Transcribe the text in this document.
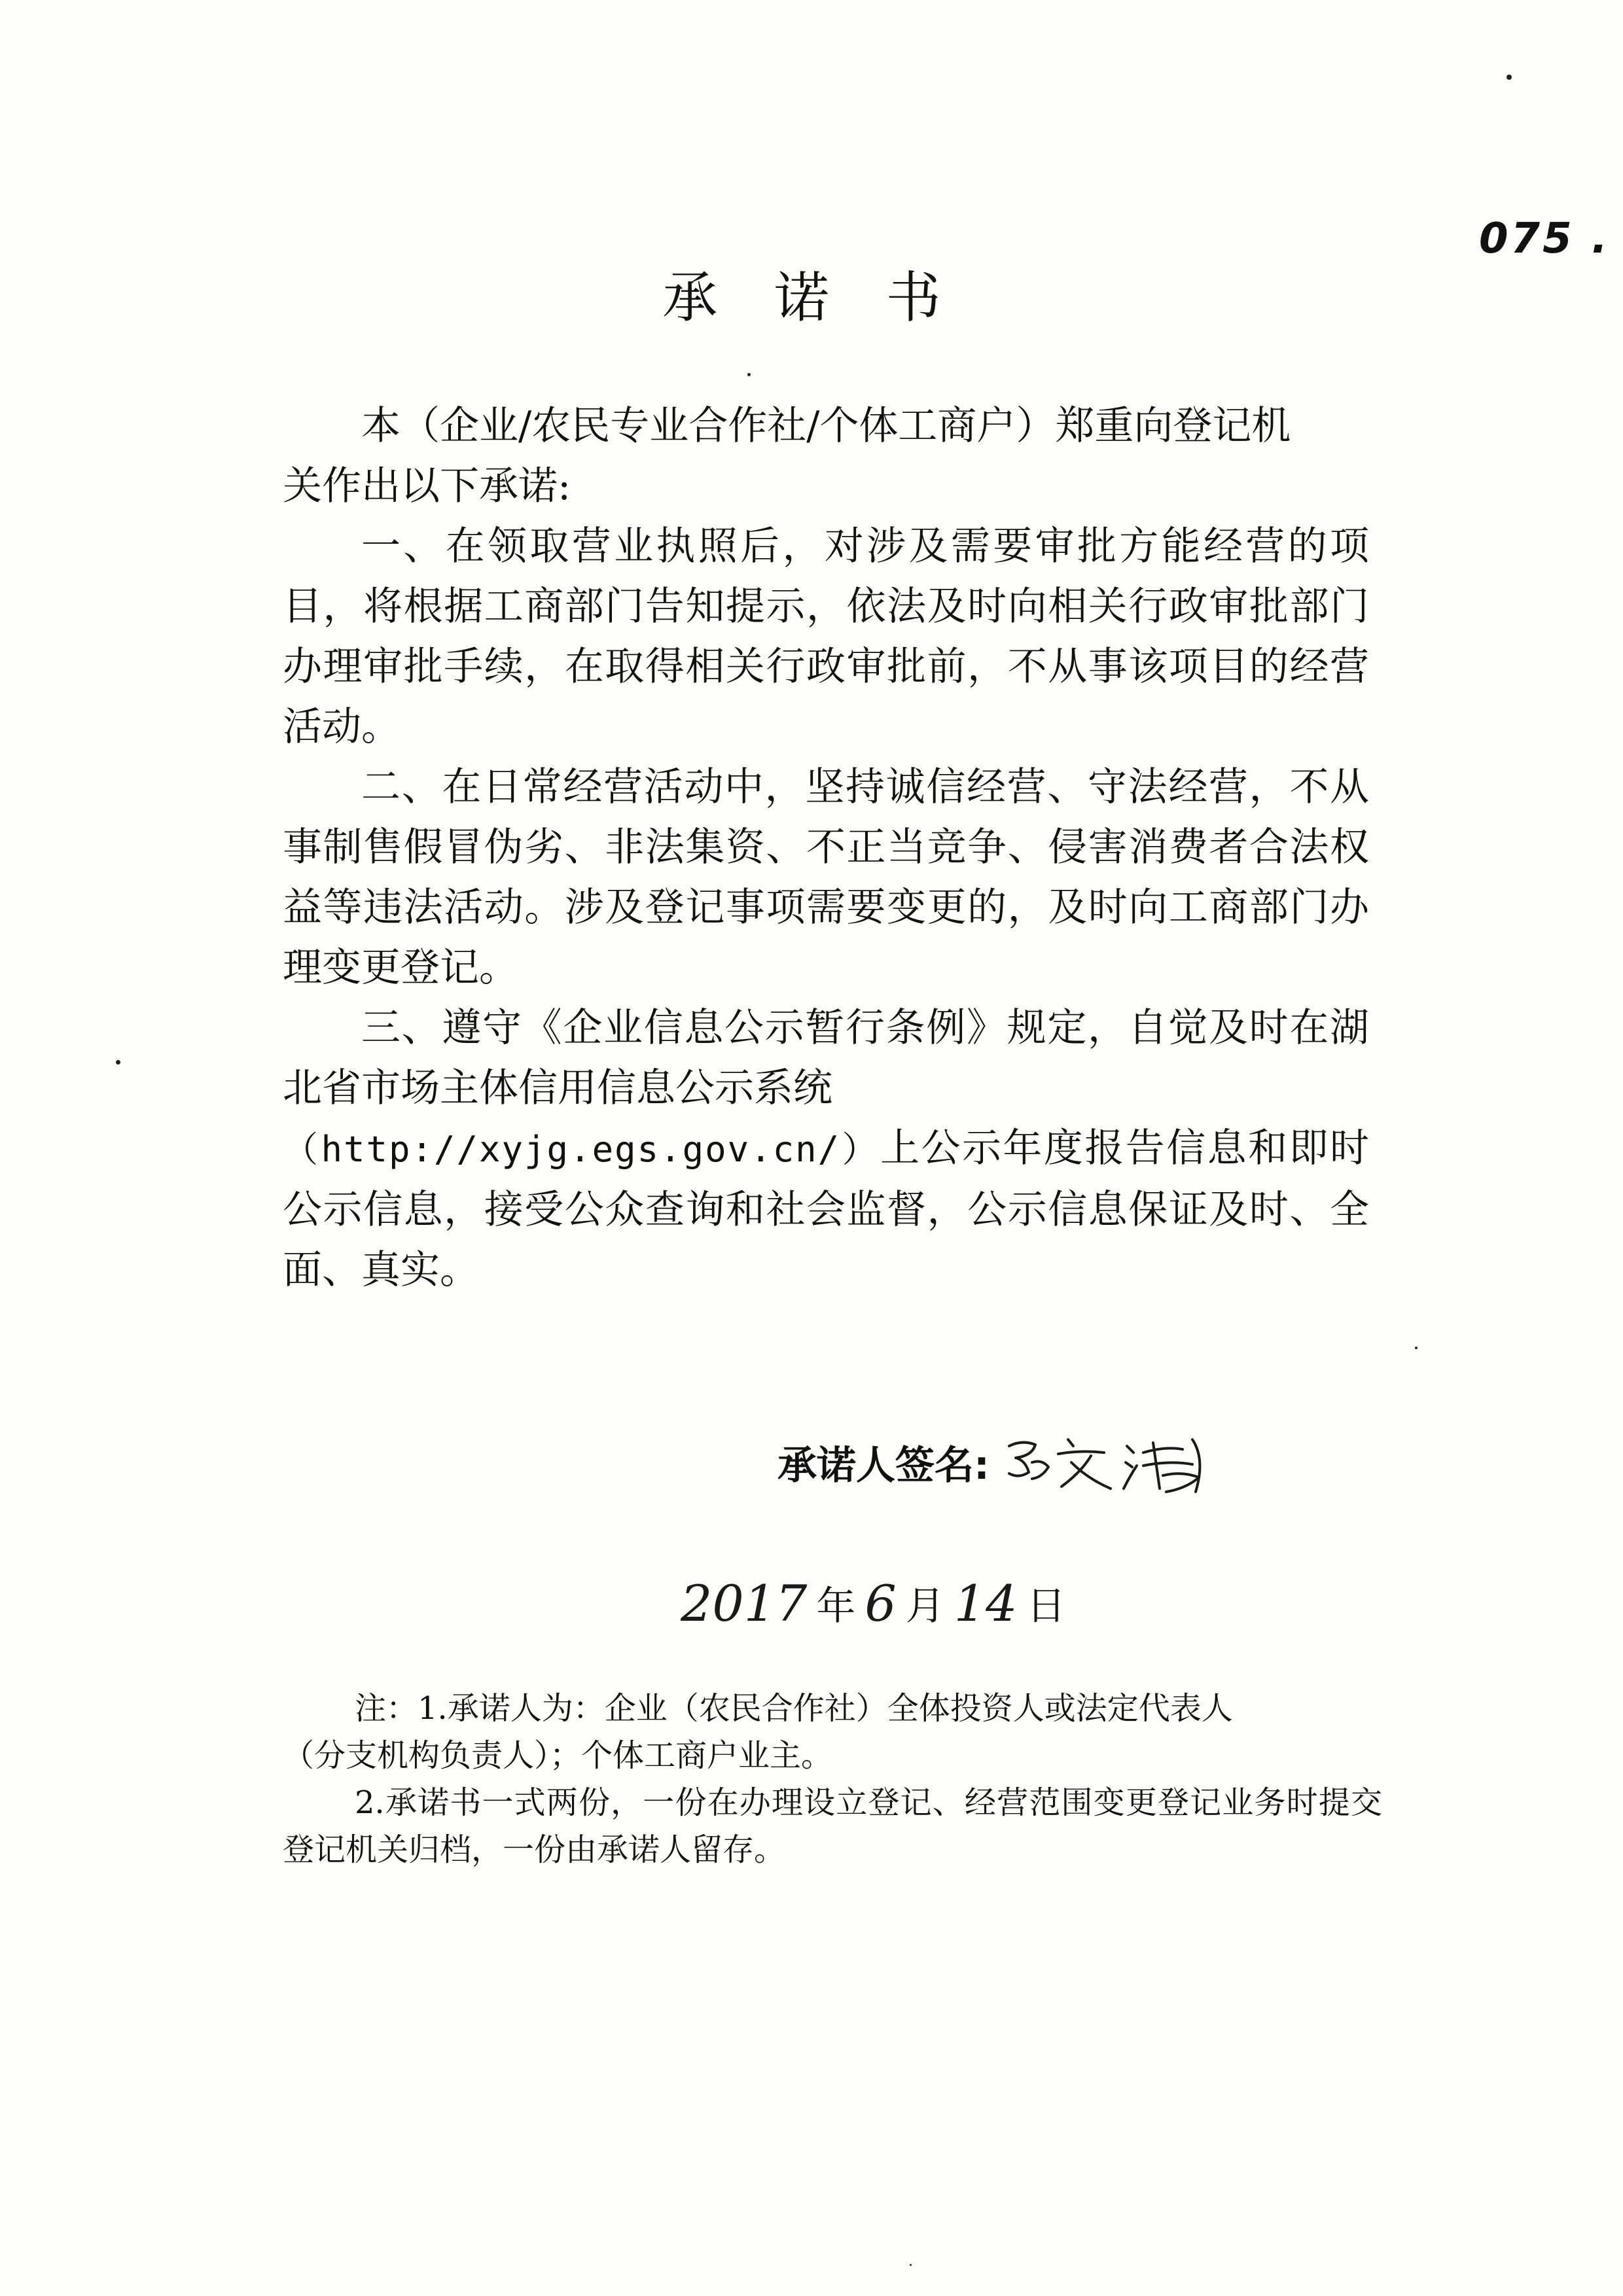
075 .
承 诺 书

本（企业/农民专业合作社/个体工商户）郑重向登记机

关作出以下承诺:

一、在领取营业执照后，对涉及需要审批方能经营的项目，将根据工商部门告知提示，依法及时向相关行政审批部门办理审批手续，在取得相关行政审批前，不从事该项目的经营活动。

二、在日常经营活动中，坚持诚信经营、守法经营，不从事制售假冒伪劣、非法集资、不正当竞争、侵害消费者合法权益等违法活动。涉及登记事项需要变更的，及时向工商部门办理变更登记。

三、遵守《企业信息公示暂行条例》规定，自觉及时在湖北省市场主体信用信息公示系统

（http://xyjg.egs.gov.cn/）上公示年度报告信息和即时公示信息，接受公众查询和社会监督，公示信息保证及时、全面、真实。

承诺人签名:
2017 年 6 月 14 日

注：1.承诺人为：企业（农民合作社）全体投资人或法定代表人

（分支机构负责人）；个体工商户业主。

2.承诺书一式两份，一份在办理设立登记、经营范围变更登记业务时提交登记机关归档，一份由承诺人留存。
